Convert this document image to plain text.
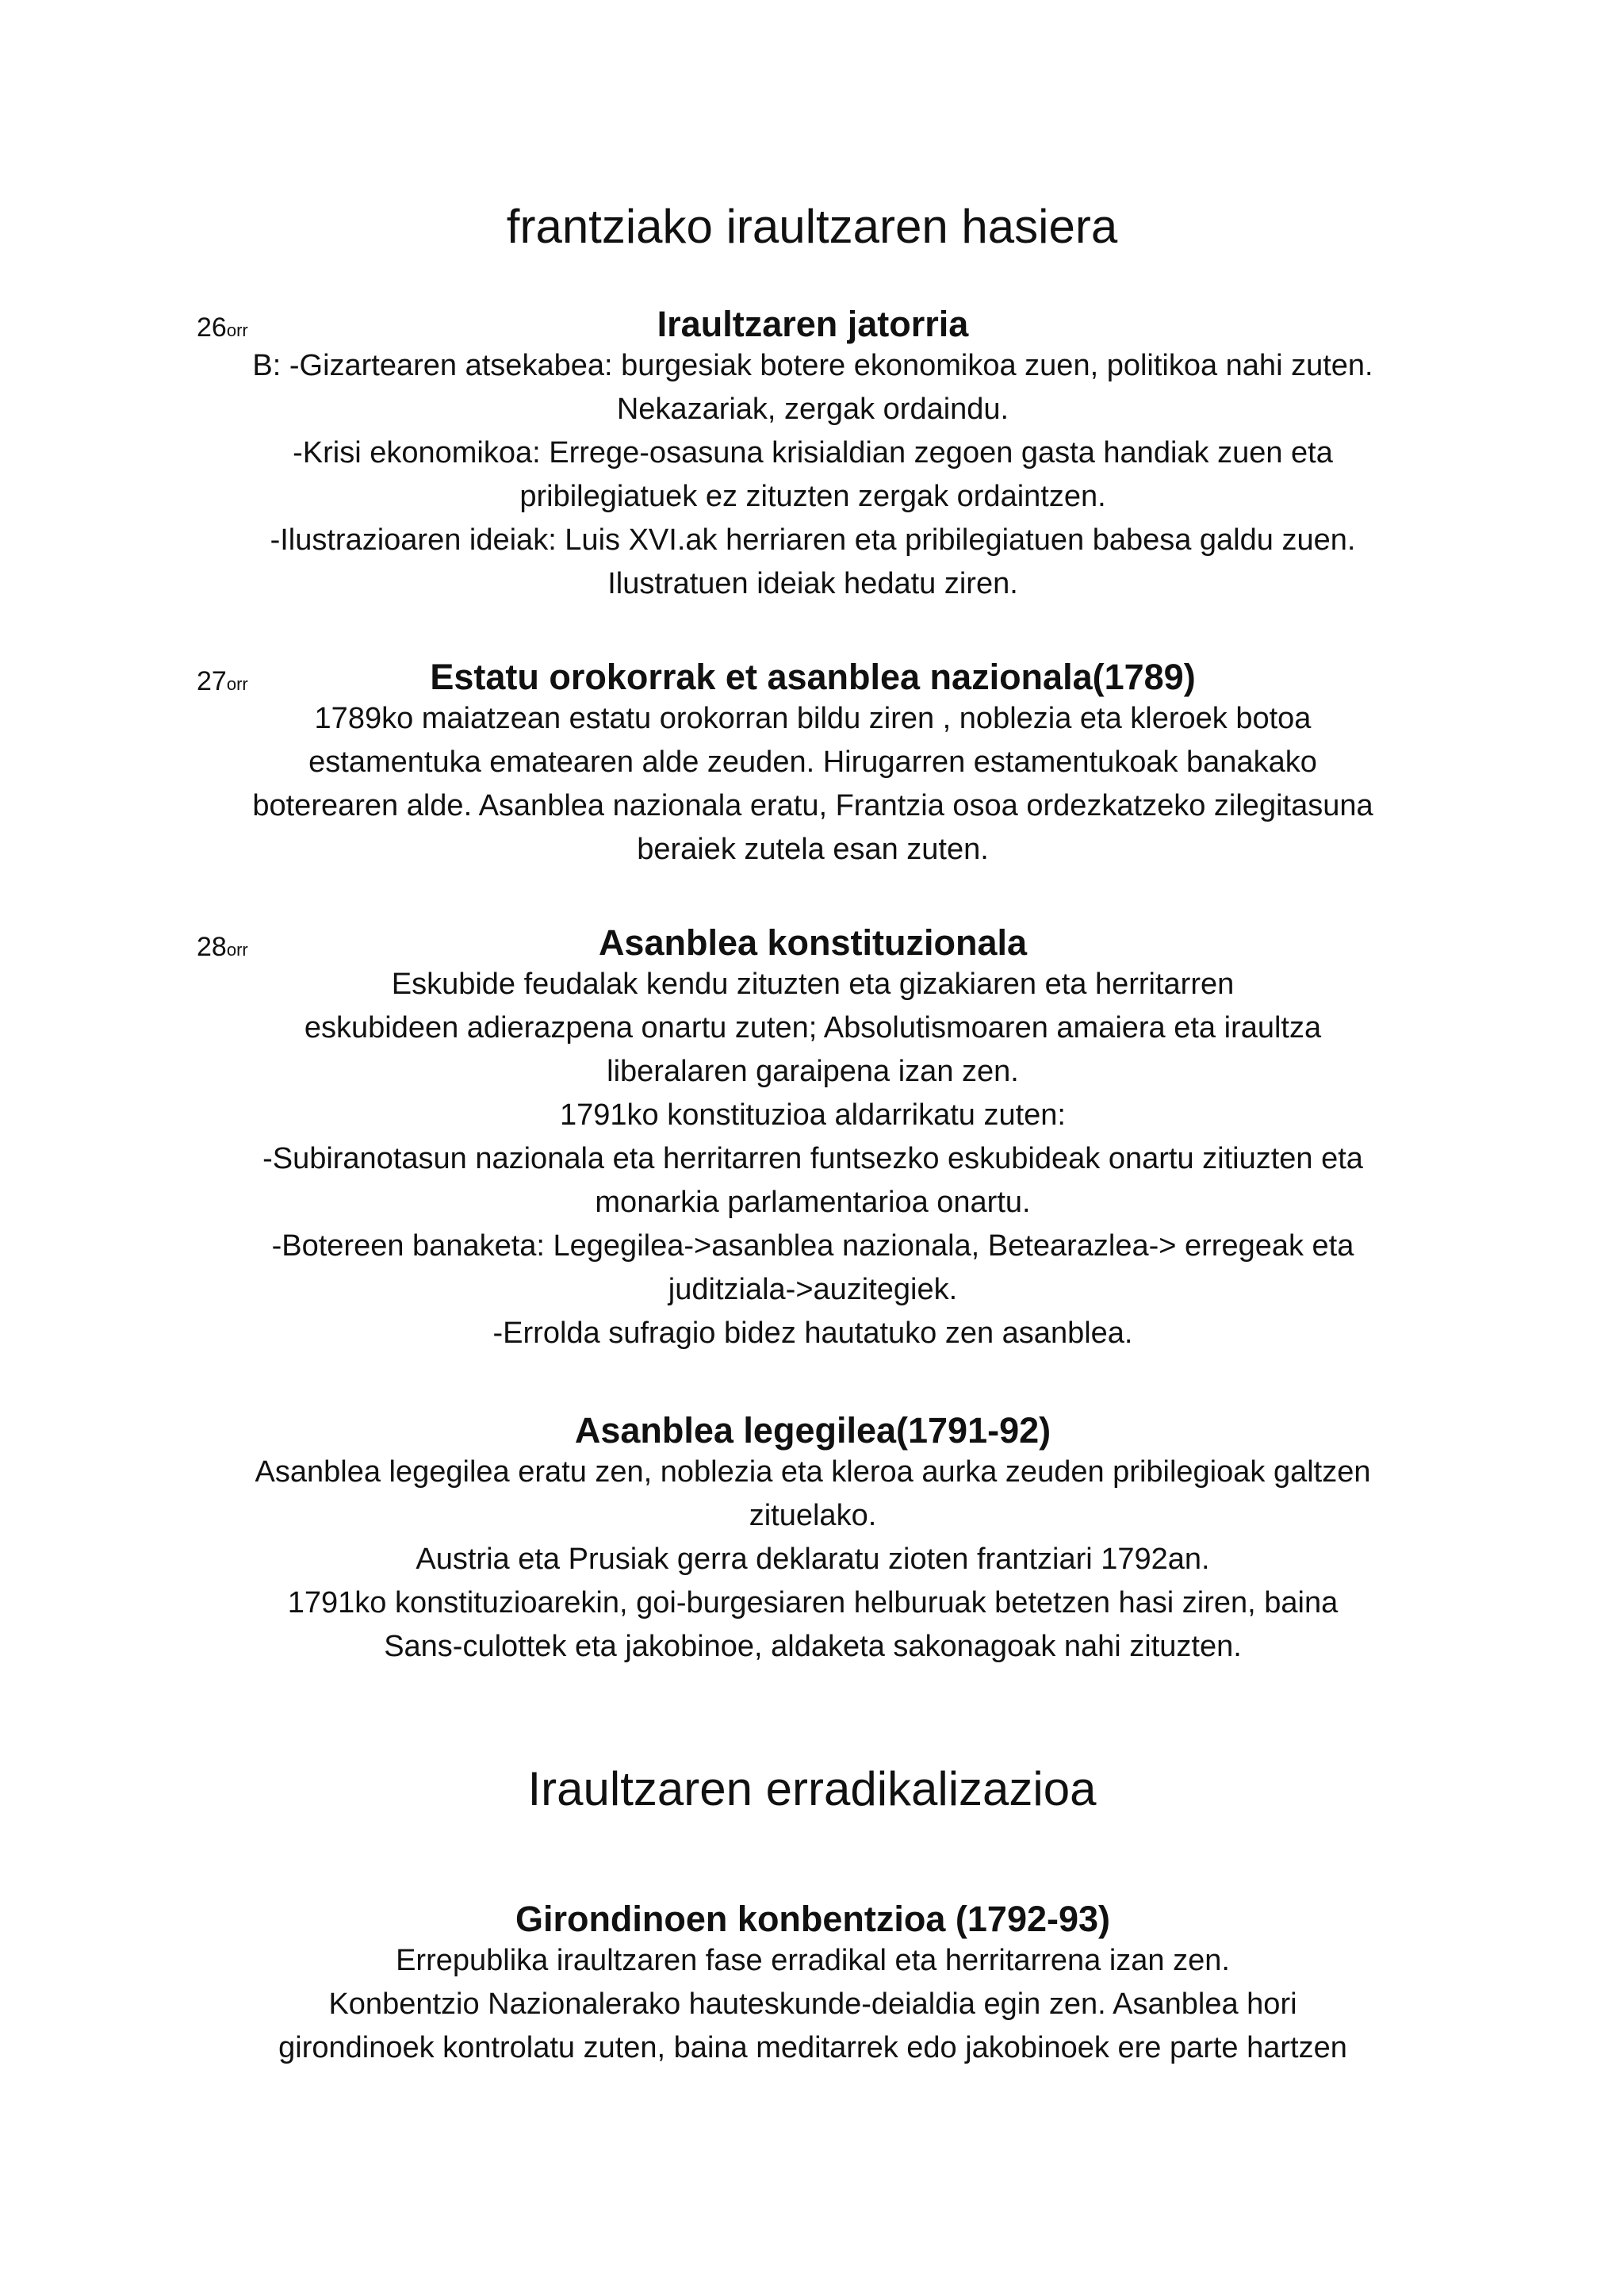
frantziako iraultzaren hasiera
26orr	Iraultzaren jatorria

B: -Gizartearen atsekabea: burgesiak botere ekonomikoa zuen, politikoa nahi zuten.

Nekazariak, zergak ordaindu.

-Krisi ekonomikoa: Errege-osasuna krisialdian zegoen gasta handiak zuen eta

pribilegiatuek ez zituzten zergak ordaintzen.

-Ilustrazioaren ideiak: Luis XVI.ak herriaren eta pribilegiatuen babesa galdu zuen.

Ilustratuen ideiak hedatu ziren.

27orr	Estatu orokorrak et asanblea nazionala(1789)

1789ko maiatzean estatu orokorran bildu ziren , noblezia eta kleroek botoa

estamentuka ematearen alde zeuden. Hirugarren estamentukoak banakako

boterearen alde. Asanblea nazionala eratu, Frantzia osoa ordezkatzeko zilegitasuna

beraiek zutela esan zuten.

28orr	Asanblea konstituzionala

Eskubide feudalak kendu zituzten eta gizakiaren eta herritarren

eskubideen adierazpena onartu zuten; Absolutismoaren amaiera eta iraultza

liberalaren garaipena izan zen.

1791ko konstituzioa aldarrikatu zuten:

-Subiranotasun nazionala eta herritarren funtsezko eskubideak onartu zitiuzten eta

monarkia parlamentarioa onartu.

-Botereen banaketa: Legegilea->asanblea nazionala, Betearazlea-> erregeak eta

juditziala->auzitegiek.

-Errolda sufragio bidez hautatuko zen asanblea.

Asanblea legegilea(1791-92)

Asanblea legegilea eratu zen, noblezia eta kleroa aurka zeuden pribilegioak galtzen

zituelako.

Austria eta Prusiak gerra deklaratu zioten frantziari 1792an.

1791ko konstituzioarekin, goi-burgesiaren helburuak betetzen hasi ziren, baina

Sans-culottek eta jakobinoe, aldaketa sakonagoak nahi zituzten.

Iraultzaren erradikalizazioa
Girondinoen konbentzioa (1792-93)

Errepublika iraultzaren fase erradikal eta herritarrena izan zen.

Konbentzio Nazionalerako hauteskunde-deialdia egin zen. Asanblea hori

girondinoek kontrolatu zuten, baina meditarrek edo jakobinoek ere parte hartzen
